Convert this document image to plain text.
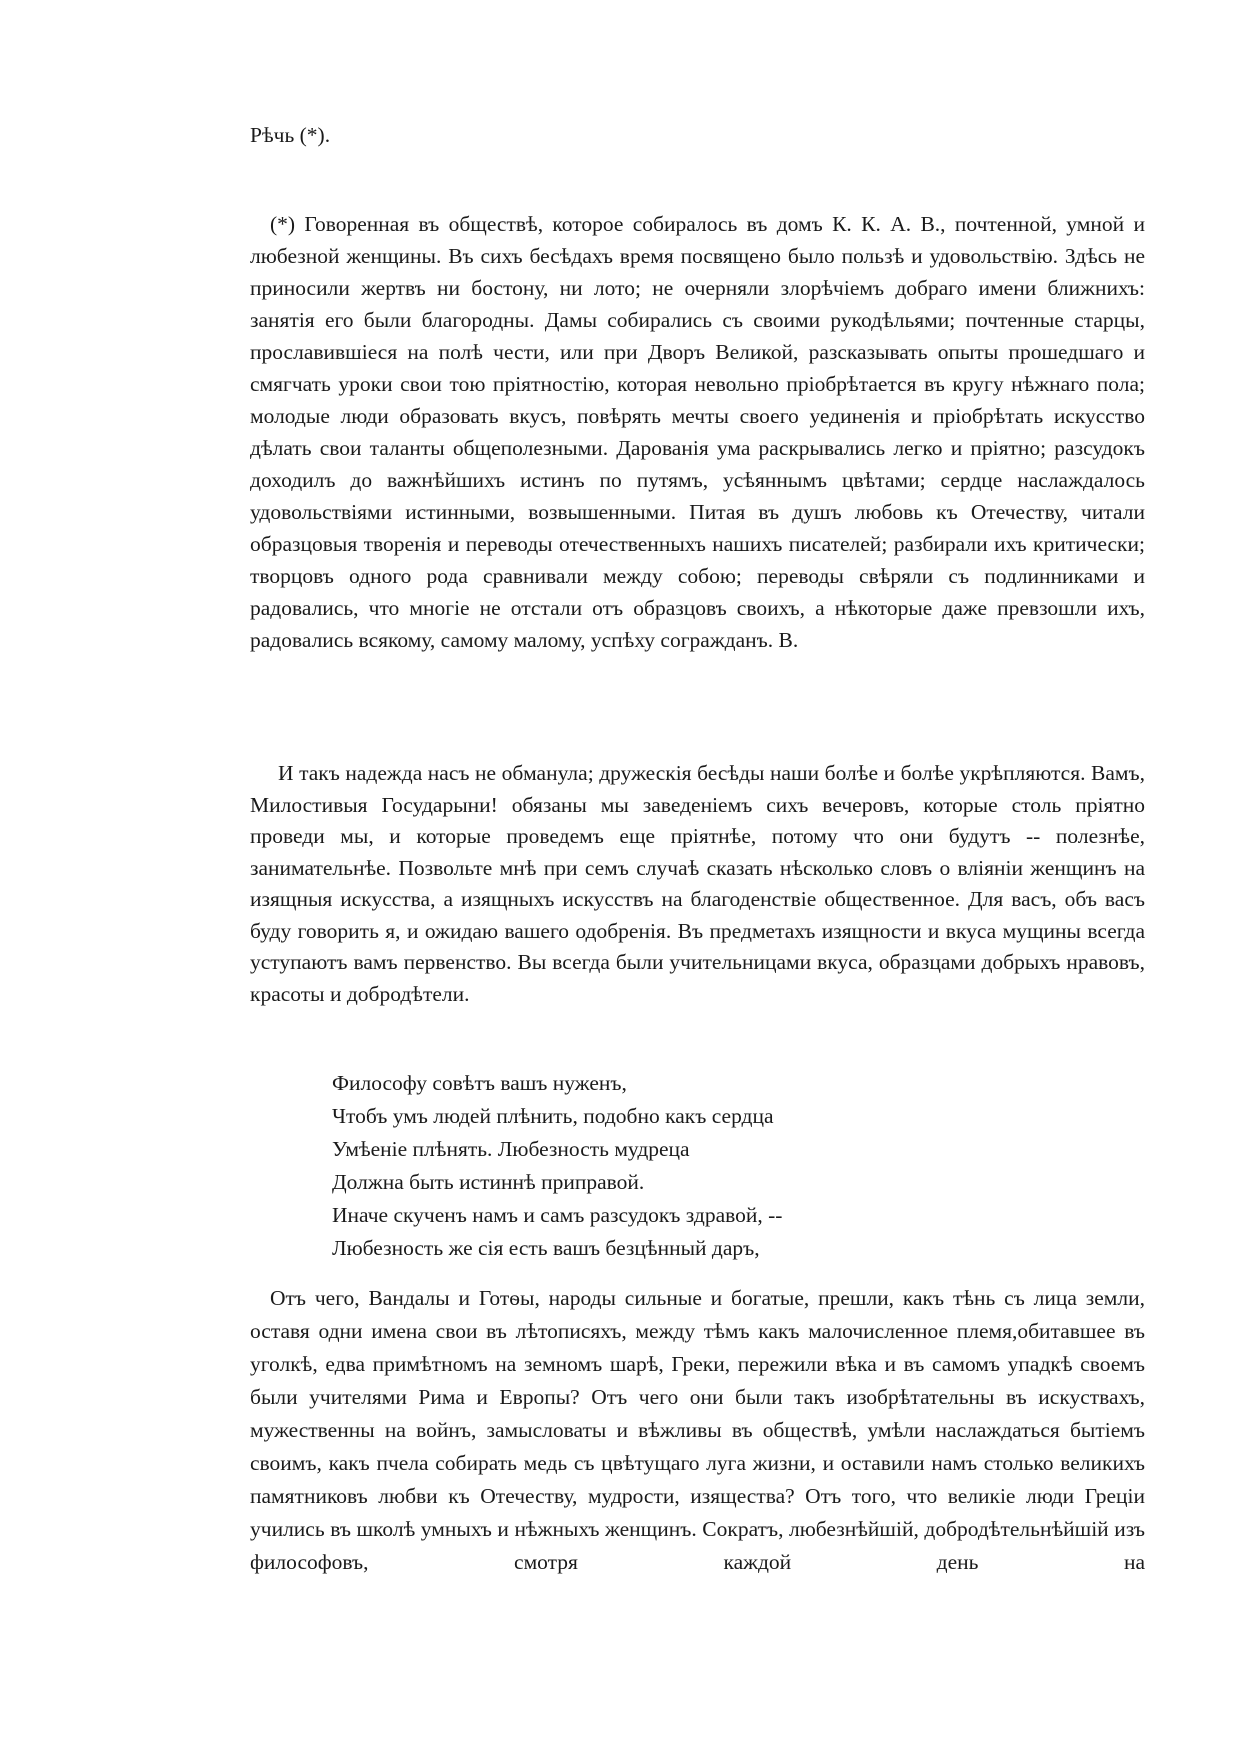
Рѣчь (*).

(*) Говоренная въ обществѣ, которое собиралось въ домъ К. К. А. В., почтенной, умной и любезной женщины. Въ сихъ бесѣдахъ время посвящено было пользѣ и удовольствію. Здѣсь не приносили жертвъ ни бостону, ни лото; не очерняли злорѣчіемъ добраго имени ближнихъ: занятія его были благородны. Дамы собирались съ своими рукодѣльями; почтенные старцы, прославившіеся на полѣ чести, или при Дворъ Великой, разсказывать опыты прошедшаго и смягчать уроки свои тою пріятностію, которая невольно пріобрѣтается въ кругу нѣжнаго пола; молодые люди образовать вкусъ, повѣрять мечты своего уединенія и пріобрѣтать искусство дѣлать свои таланты общеполезными. Дарованія ума раскрывались легко и пріятно; разсудокъ доходилъ до важнѣйшихъ истинъ по путямъ, усѣяннымъ цвѣтами; сердце наслаждалось удовольствіями истинными, возвышенными. Питая въ душъ любовь къ Отечеству, читали образцовыя творенія и переводы отечественныхъ нашихъ писателей; разбирали ихъ критически; творцовъ одного рода сравнивали между собою; переводы свѣряли съ подлинниками и радовались, что многіе не отстали отъ образцовъ своихъ, а нѣкоторые даже превзошли ихъ, радовались всякому, самому малому, успѣху согражданъ. В.

И такъ надежда насъ не обманула; дружескія бесѣды наши болѣе и болѣе укрѣпляются. Вамъ, Милостивыя Государыни! обязаны мы заведеніемъ сихъ вечеровъ, которые столь пріятно проведи мы, и которые проведемъ еще пріятнѣе, потому что они будутъ -- полезнѣе, занимательнѣе. Позвольте мнѣ при семъ случаѣ сказать нѣсколько словъ о вліяніи женщинъ на изящныя искусства, а изящныхъ искусствъ на благоденствіе общественное. Для васъ, объ васъ буду говорить я, и ожидаю вашего одобренія. Въ предметахъ изящности и вкуса мущины всегда уступаютъ вамъ первенство. Вы всегда были учительницами вкуса, образцами добрыхъ нравовъ, красоты и добродѣтели.

Философу совѣтъ вашъ нуженъ,
Чтобъ умъ людей плѣнить, подобно какъ сердца
Умѣеніе плѣнять. Любезность мудреца
Должна быть истиннѣ приправой.
Иначе скученъ намъ и самъ разсудокъ здравой, --
Любезность же сія есть вашъ безцѣнный даръ,

Отъ чего, Вандалы и Готѳы, народы сильные и богатые, прешли, какъ тѣнь съ лица земли, оставя одни имена свои въ лѣтописяхъ, между тѣмъ какъ малочисленное племя,обитавшее въ уголкѣ, едва примѣтномъ на земномъ шарѣ, Греки, пережили вѣка и въ самомъ упадкѣ своемъ были учителями Рима и Европы? Отъ чего они были такъ изобрѣтательны въ искуствахъ, мужественны на войнъ, замысловаты и вѣжливы въ обществѣ, умѣли наслаждаться бытіемъ своимъ, какъ пчела собирать медь съ цвѣтущаго луга жизни, и оставили намъ столько великихъ памятниковъ любви къ Отечеству, мудрости, изящества? Отъ того, что великіе люди Греціи учились въ школѣ умныхъ и нѣжныхъ женщинъ. Сократъ, любезнѣйшій, добродѣтельнѣйшій изъ философовъ, смотря каждой день на
